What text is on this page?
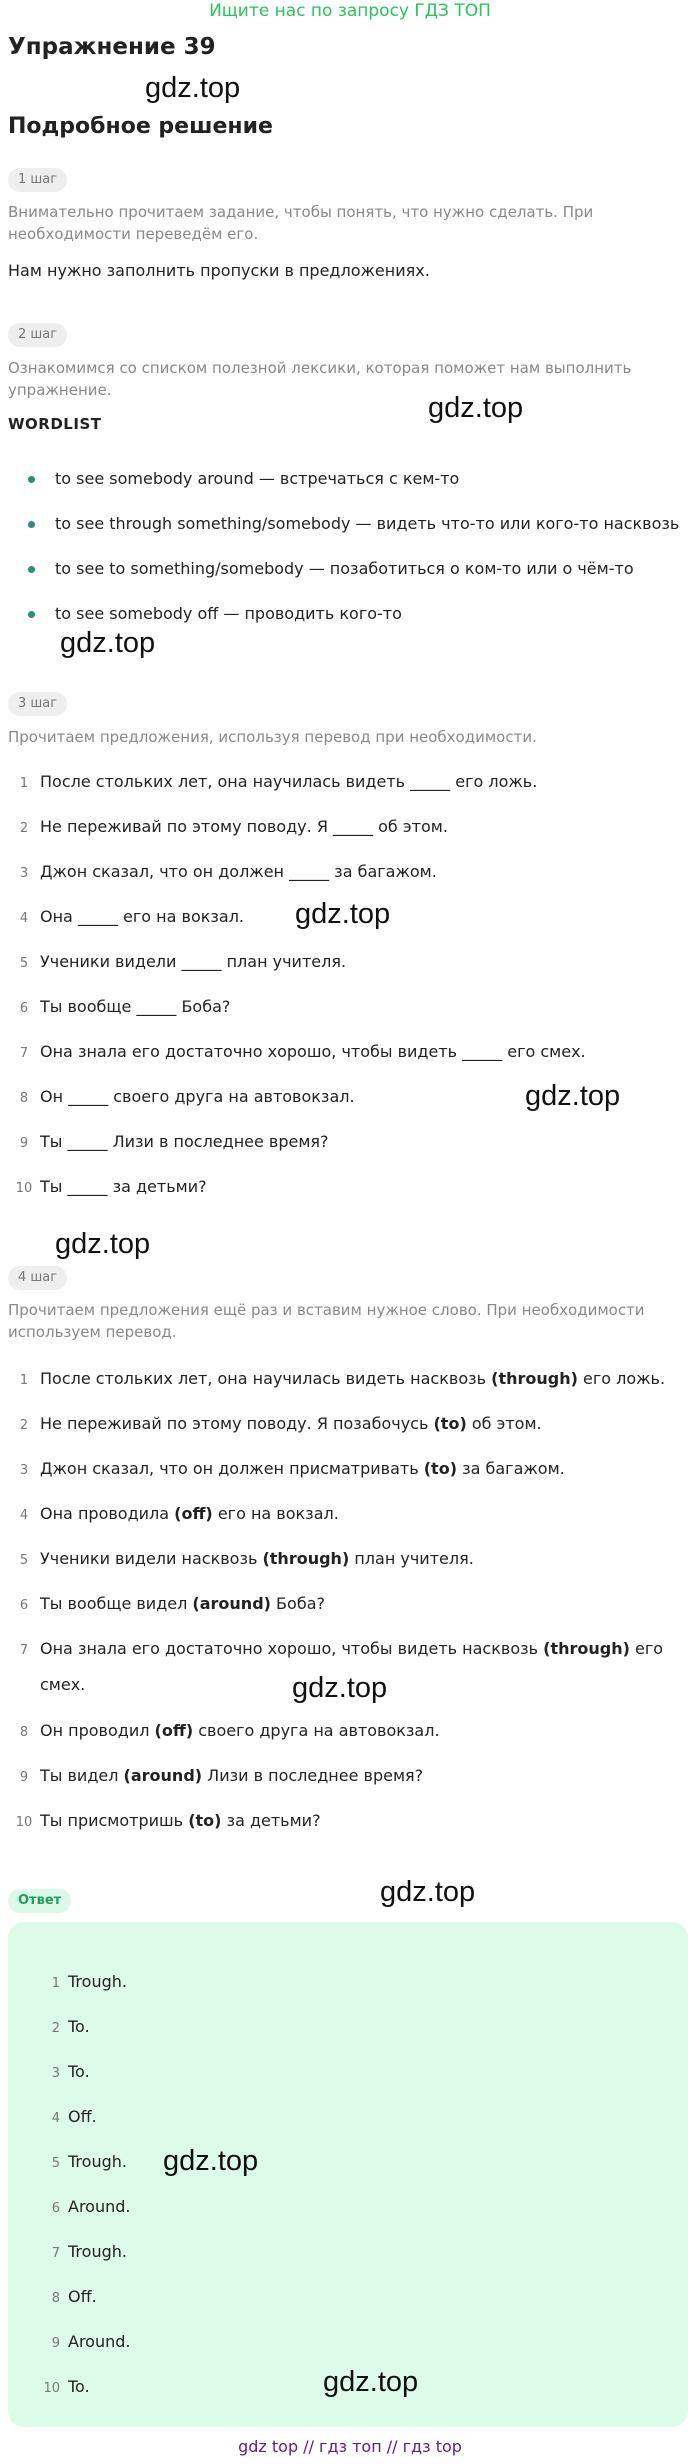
Ищите нас по запросу ГДЗ ТОП
Упражнение 39
gdz.top
Подробное решение
1 шаг
Внимательно прочитаем задание, чтобы понять, что нужно сделать. При необходимости переведём его.
Нам нужно заполнить пропуски в предложениях.
2 шаг
Ознакомимся со списком полезной лексики, которая поможет нам выполнить упражнение.
WORDLIST	gdz.top
to see somebody around — встречаться с кем-то
to see through something/somebody — видеть что-то или кого-то насквозь
to see to something/somebody — позаботиться о ком-то или о чём-то
to see somebody off — проводить кого-то
gdz.top
3 шаг
Прочитаем предложения, используя перевод при необходимости.
1 После стольких лет, она научилась видеть _____ его ложь.
2 Не переживай по этому поводу. Я _____ об этом.
3 Джон сказал, что он должен _____ за багажом.
4 Она _____ его на вокзал.
5 Ученики видели _____ план учителя.
6 Ты вообще _____ Боба?
7 Она знала его достаточно хорошо, чтобы видеть _____ его смех.
8 Он _____ своего друга на автовокзал.
9 Ты _____ Лизи в последнее время?
10 Ты _____ за детьми?
gdz.top
gdz.top
gdz.top
4 шаг
Прочитаем предложения ещё раз и вставим нужное слово. При необходимости используем перевод.
1 После стольких лет, она научилась видеть насквозь (through) его ложь.
2 Не переживай по этому поводу. Я позабочусь (to) об этом.
3 Джон сказал, что он должен присматривать (to) за багажом.
4 Она проводила (off) его на вокзал.
5 Ученики видели насквозь (through) план учителя.
6 Ты вообще видел (around) Боба?
7 Она знала его достаточно хорошо, чтобы видеть насквозь (through) его
смех.
8 Он проводил (off) своего друга на автовокзал.
9 Ты видел (around) Лизи в последнее время?
10 Ты присмотришь (to) за детьми?
gdz.top
Ответ	gdz.top
1 Trough.
2 To.
3 To.
4 Off.
5 Trough.
6 Around.
7 Trough.
8 Off.
9 Around.
10 To.
gdz.top
gdz.top
gdz top // гдз топ // гдз top
